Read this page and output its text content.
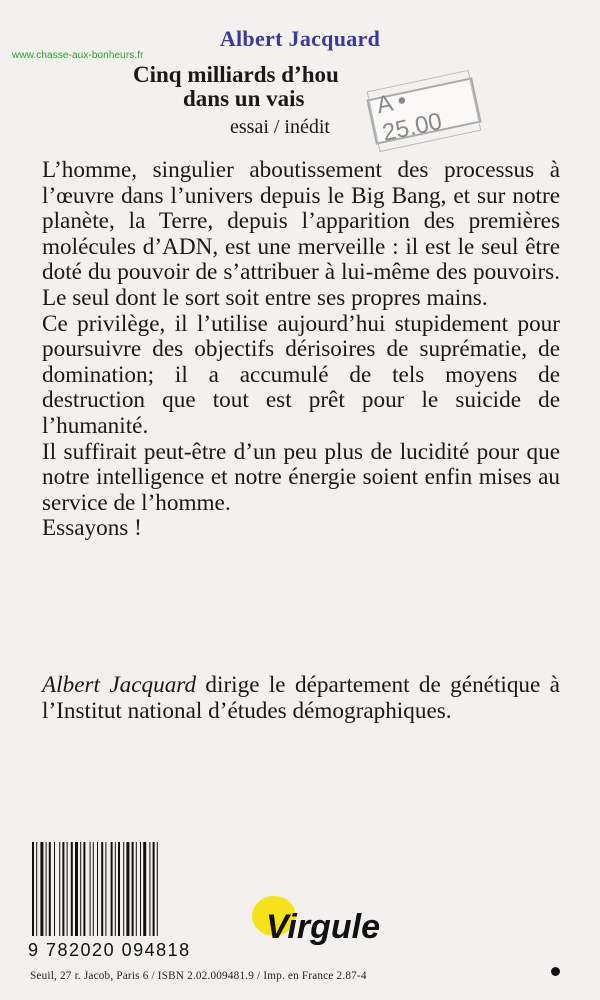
www.chasse-aux-bonheurs.fr
Albert Jacquard
Cinq milliards d’hou
dans un vais
essai / inédit
A • 25.00

L’homme, singulier aboutissement des processus à l’œuvre dans l’univers depuis le Big Bang, et sur notre planète, la Terre, depuis l’apparition des premières molécules d’ADN, est une merveille : il est le seul être doté du pouvoir de s’attribuer à lui-même des pouvoirs. Le seul dont le sort soit entre ses propres mains.

Ce privilège, il l’utilise aujourd’hui stupidement pour poursuivre des objectifs dérisoires de suprématie, de domination; il a accumulé de tels moyens de destruction que tout est prêt pour le suicide de l’humanité.

Il suffirait peut-être d’un peu plus de lucidité pour que notre intelligence et notre énergie soient enfin mises au service de l’homme.

Essayons !

Albert Jacquard dirige le département de génétique à l’Institut national d’études démographiques.
9 782020 094818
Virgule
Seuil, 27 r. Jacob, Paris 6 / ISBN 2.02.009481.9 / Imp. en France 2.87-4
